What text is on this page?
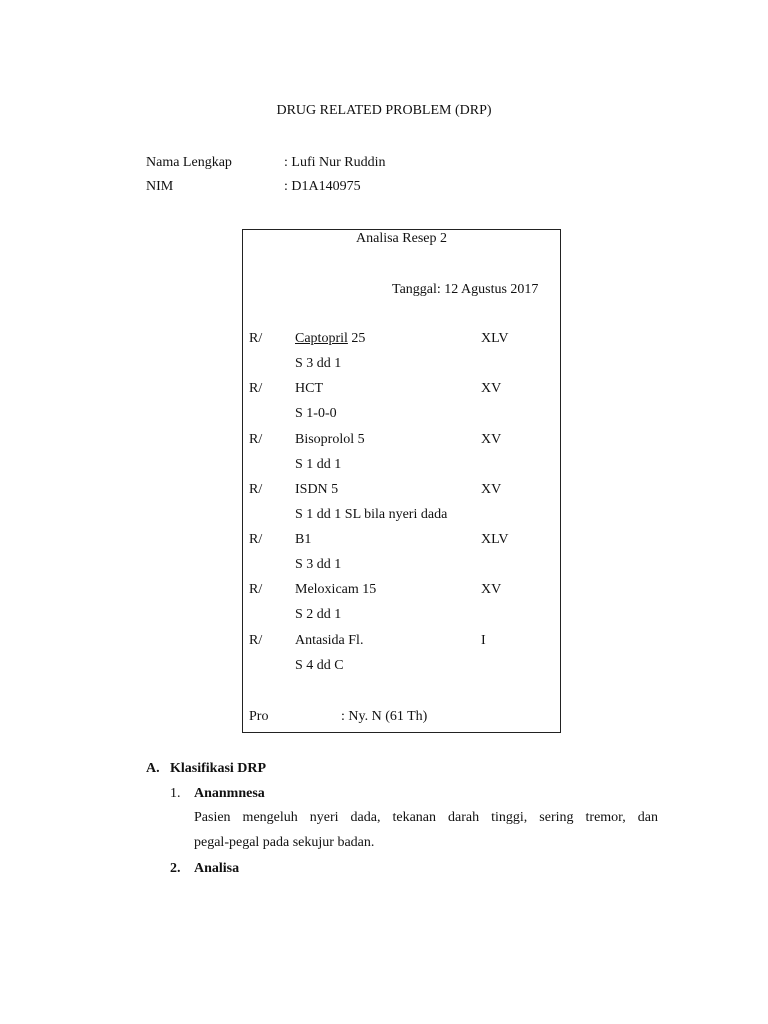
DRUG RELATED PROBLEM (DRP)
Nama Lengkap	: Lufi Nur Ruddin
NIM	: D1A140975
Analisa Resep 2
Tanggal: 12 Agustus 2017
R/ Captopril 25	XLV
S 3 dd 1
R/ HCT	XV
S 1-0-0
R/ Bisoprolol 5	XV
S 1 dd 1
R/ ISDN 5	XV
S 1 dd 1 SL bila nyeri dada
R/ B1	XLV
S 3 dd 1
R/ Meloxicam 15	XV
S 2 dd 1
R/ Antasida Fl.	I
S 4 dd C
Pro	: Ny. N (61 Th)
A. Klasifikasi DRP
1. Ananmnesa
Pasien mengeluh nyeri dada, tekanan darah tinggi, sering tremor, dan
pegal-pegal pada sekujur badan.
2. Analisa
